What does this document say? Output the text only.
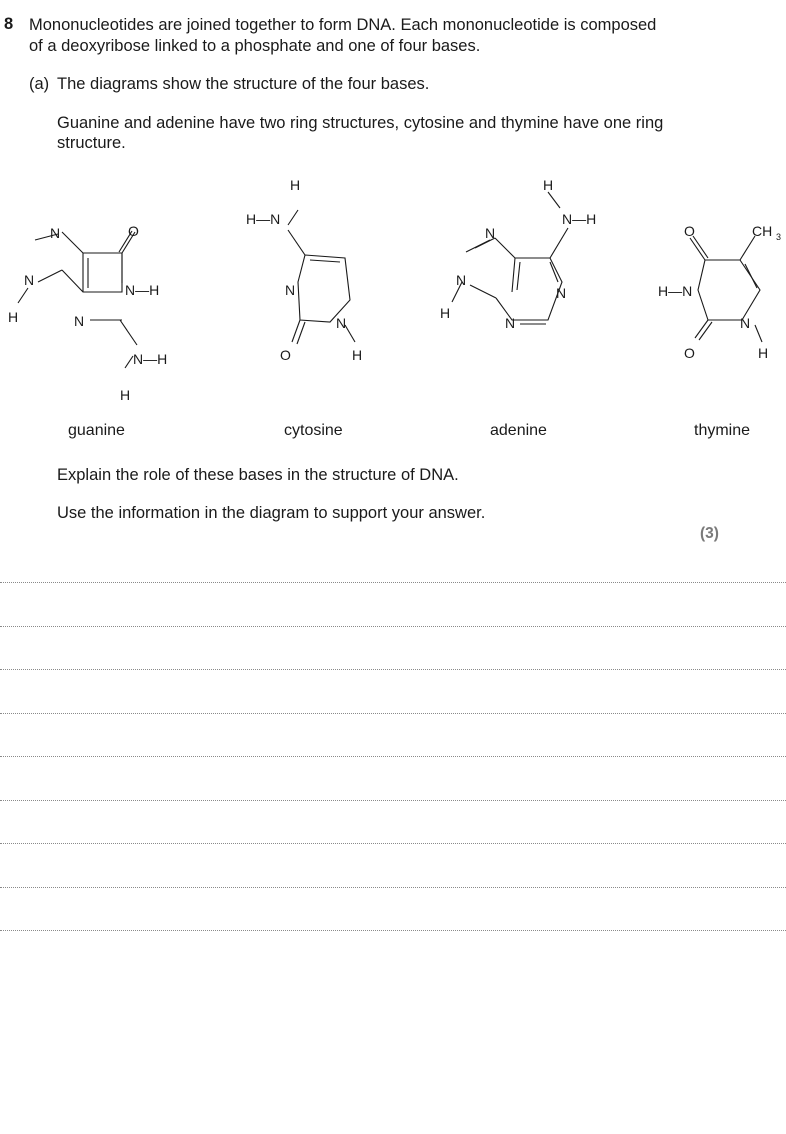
8 Mononucleotides are joined together to form DNA. Each mononucleotide is composed of a deoxyribose linked to a phosphate and one of four bases.
(a) The diagrams show the structure of the four bases.
Guanine and adenine have two ring structures, cytosine and thymine have one ring structure.
N
N
N
O
N—H
N—H
H
H
guanine
H
H—N
N
N
O	H
cytosine
N
N
N
N
N—H
H
H
adenine
O	CH 3
H—N
N
O	H
thymine
Explain the role of these bases in the structure of DNA.
Use the information in the diagram to support your answer.
(3)
